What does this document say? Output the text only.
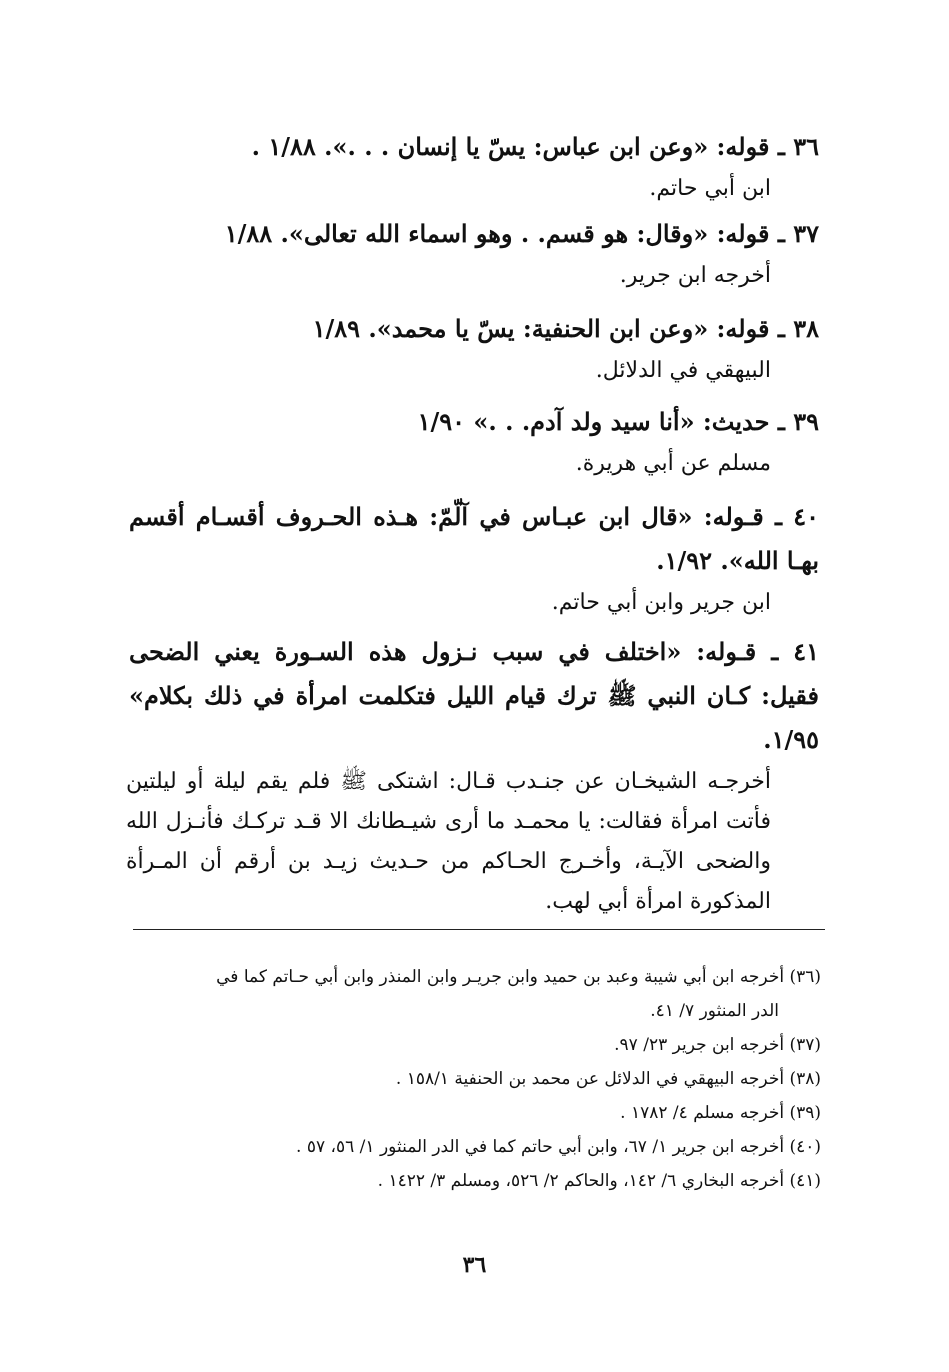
٣٦ ـ قوله: «وعن ابن عباس: يسّ يا إنسان . . .». ١/٨٨ .
ابن أبي حاتم.
٣٧ ـ قوله: «وقال: هو قسم. . وهو اسماء الله تعالى». ١/٨٨
أخرجه ابن جرير.
٣٨ ـ قوله: «وعن ابن الحنفية: يسّ يا محمد». ١/٨٩
البيهقي في الدلائل.
٣٩ ـ حديث: «أنا سيد ولد آدم. . .» ١/٩٠
مسلم عن أبي هريرة.
٤٠ ـ قـوله: «قال ابن عبـاس في آلّمّ: هـذه الحـروف أقسـام أقسم بهـا الله». ١/٩٢.
ابن جرير وابن أبي حاتم.
٤١ ـ قـوله: «اختلف في سبب نـزول هذه السـورة يعني الضحى فقيل: كـان النبي ﷺ ترك قيام الليل فتكلمت امرأة في ذلك بكلام» ١/٩٥.
أخرجـه الشيخـان عن جنـدب قـال: اشتكى ﷺ فلم يقم ليلة أو ليلتين فأتت امرأة فقالت: يا محمـد ما أرى شيـطانك الا قـد تركـك فأنـزل الله والضحى الآيـة، وأخـرج الحـاكم من حـديث زيـد بن أرقم أن المـرأة المذكورة امرأة أبي لهب.
(٣٦) أخرجه ابن أبي شيبة وعبد بن حميد وابن جريـر وابن المنذر وابن أبي حـاتم كما في
الدر المنثور ٧/ ٤١.
(٣٧) أخرجه ابن جرير ٢٣/ ٩٧.
(٣٨) أخرجه البيهقي في الدلائل عن محمد بن الحنفية ١٥٨/١ .
(٣٩) أخرجه مسلم ٤/ ١٧٨٢ .
(٤٠) أخرجه ابن جرير ١/ ٦٧، وابن أبي حاتم كما في الدر المنثور ١/ ٥٦، ٥٧ .
(٤١) أخرجه البخاري ٦/ ١٤٢، والحاكم ٢/ ٥٢٦، ومسلم ٣/ ١٤٢٢ .
٣٦
